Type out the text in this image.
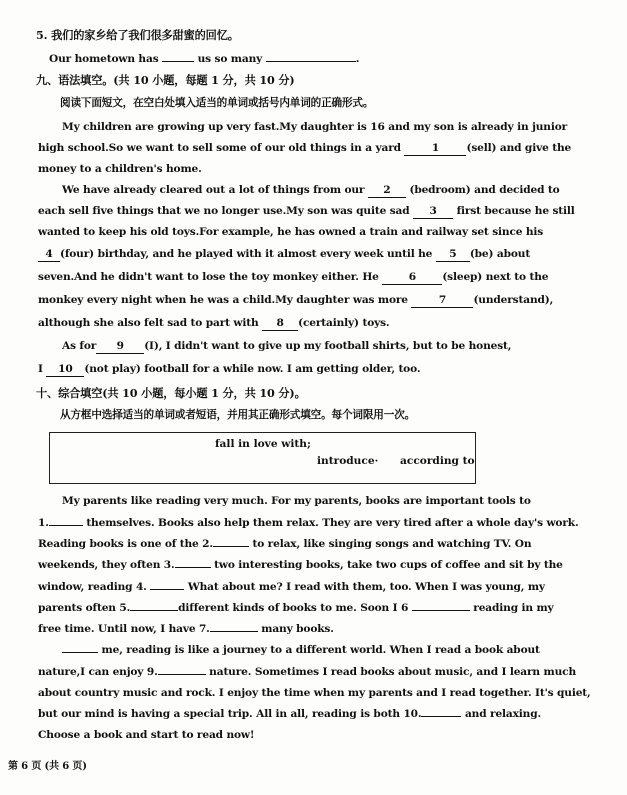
5. 我们的家乡给了我们很多甜蜜的回忆。
Our hometown has	us so many	.
九、语法填空。(共 10 小题，每题 1 分，共 10 分)
阅读下面短文，在空白处填入适当的单词或括号内单词的正确形式。
My children are growing up very fast.My daughter is 16 and my son is already in junior
high school.So we want to sell some of our old things in a yard	1	(sell) and give the
money to a children's home.
We have already cleared out a lot of things from our 2 (bedroom) and decided to
each sell five things that we no longer use.My son was quite sad 3 first because he still
wanted to keep his old toys.For example, he has owned a train and railway set since his
4 (four) birthday, and he played with it almost every week until he 5 (be) about
seven.And he didn't want to lose the toy monkey either. He	6 (sleep) next to the
monkey every night when he was a child.My daughter was more	7	(understand),
although she also felt sad to part with 8 (certainly) toys.
As for 9 (I), I didn't want to give up my football shirts, but to be honest,
I 10 (not play) football for a while now. I am getting older, too.
十、综合填空(共 10 小题，每小题 1 分，共 10 分)。
从方框中选择适当的单词或者短语，并用其正确形式填空。每个词限用一次。
fall in love with;
introduce· according to
My parents like reading very much. For my parents, books are important tools to
1.	themselves. Books also help them relax. They are very tired after a whole day's work.
Reading books is one of the 2.	to relax, like singing songs and watching TV. On
weekends, they often 3.	two interesting books, take two cups of coffee and sit by the
window, reading 4.	What about me? I read with them, too. When I was young, my
parents often 5.	different kinds of books to me. Soon I 6	reading in my
free time. Until now, I have 7.	many books.
me, reading is like a journey to a different world. When I read a book about
nature,I can enjoy 9.	nature. Sometimes I read books about music, and I learn much
about country music and rock. I enjoy the time when my parents and I read together. It's quiet,
but our mind is having a special trip. All in all, reading is both 10.	and relaxing.
Choose a book and start to read now!
第 6 页 (共 6 页)
